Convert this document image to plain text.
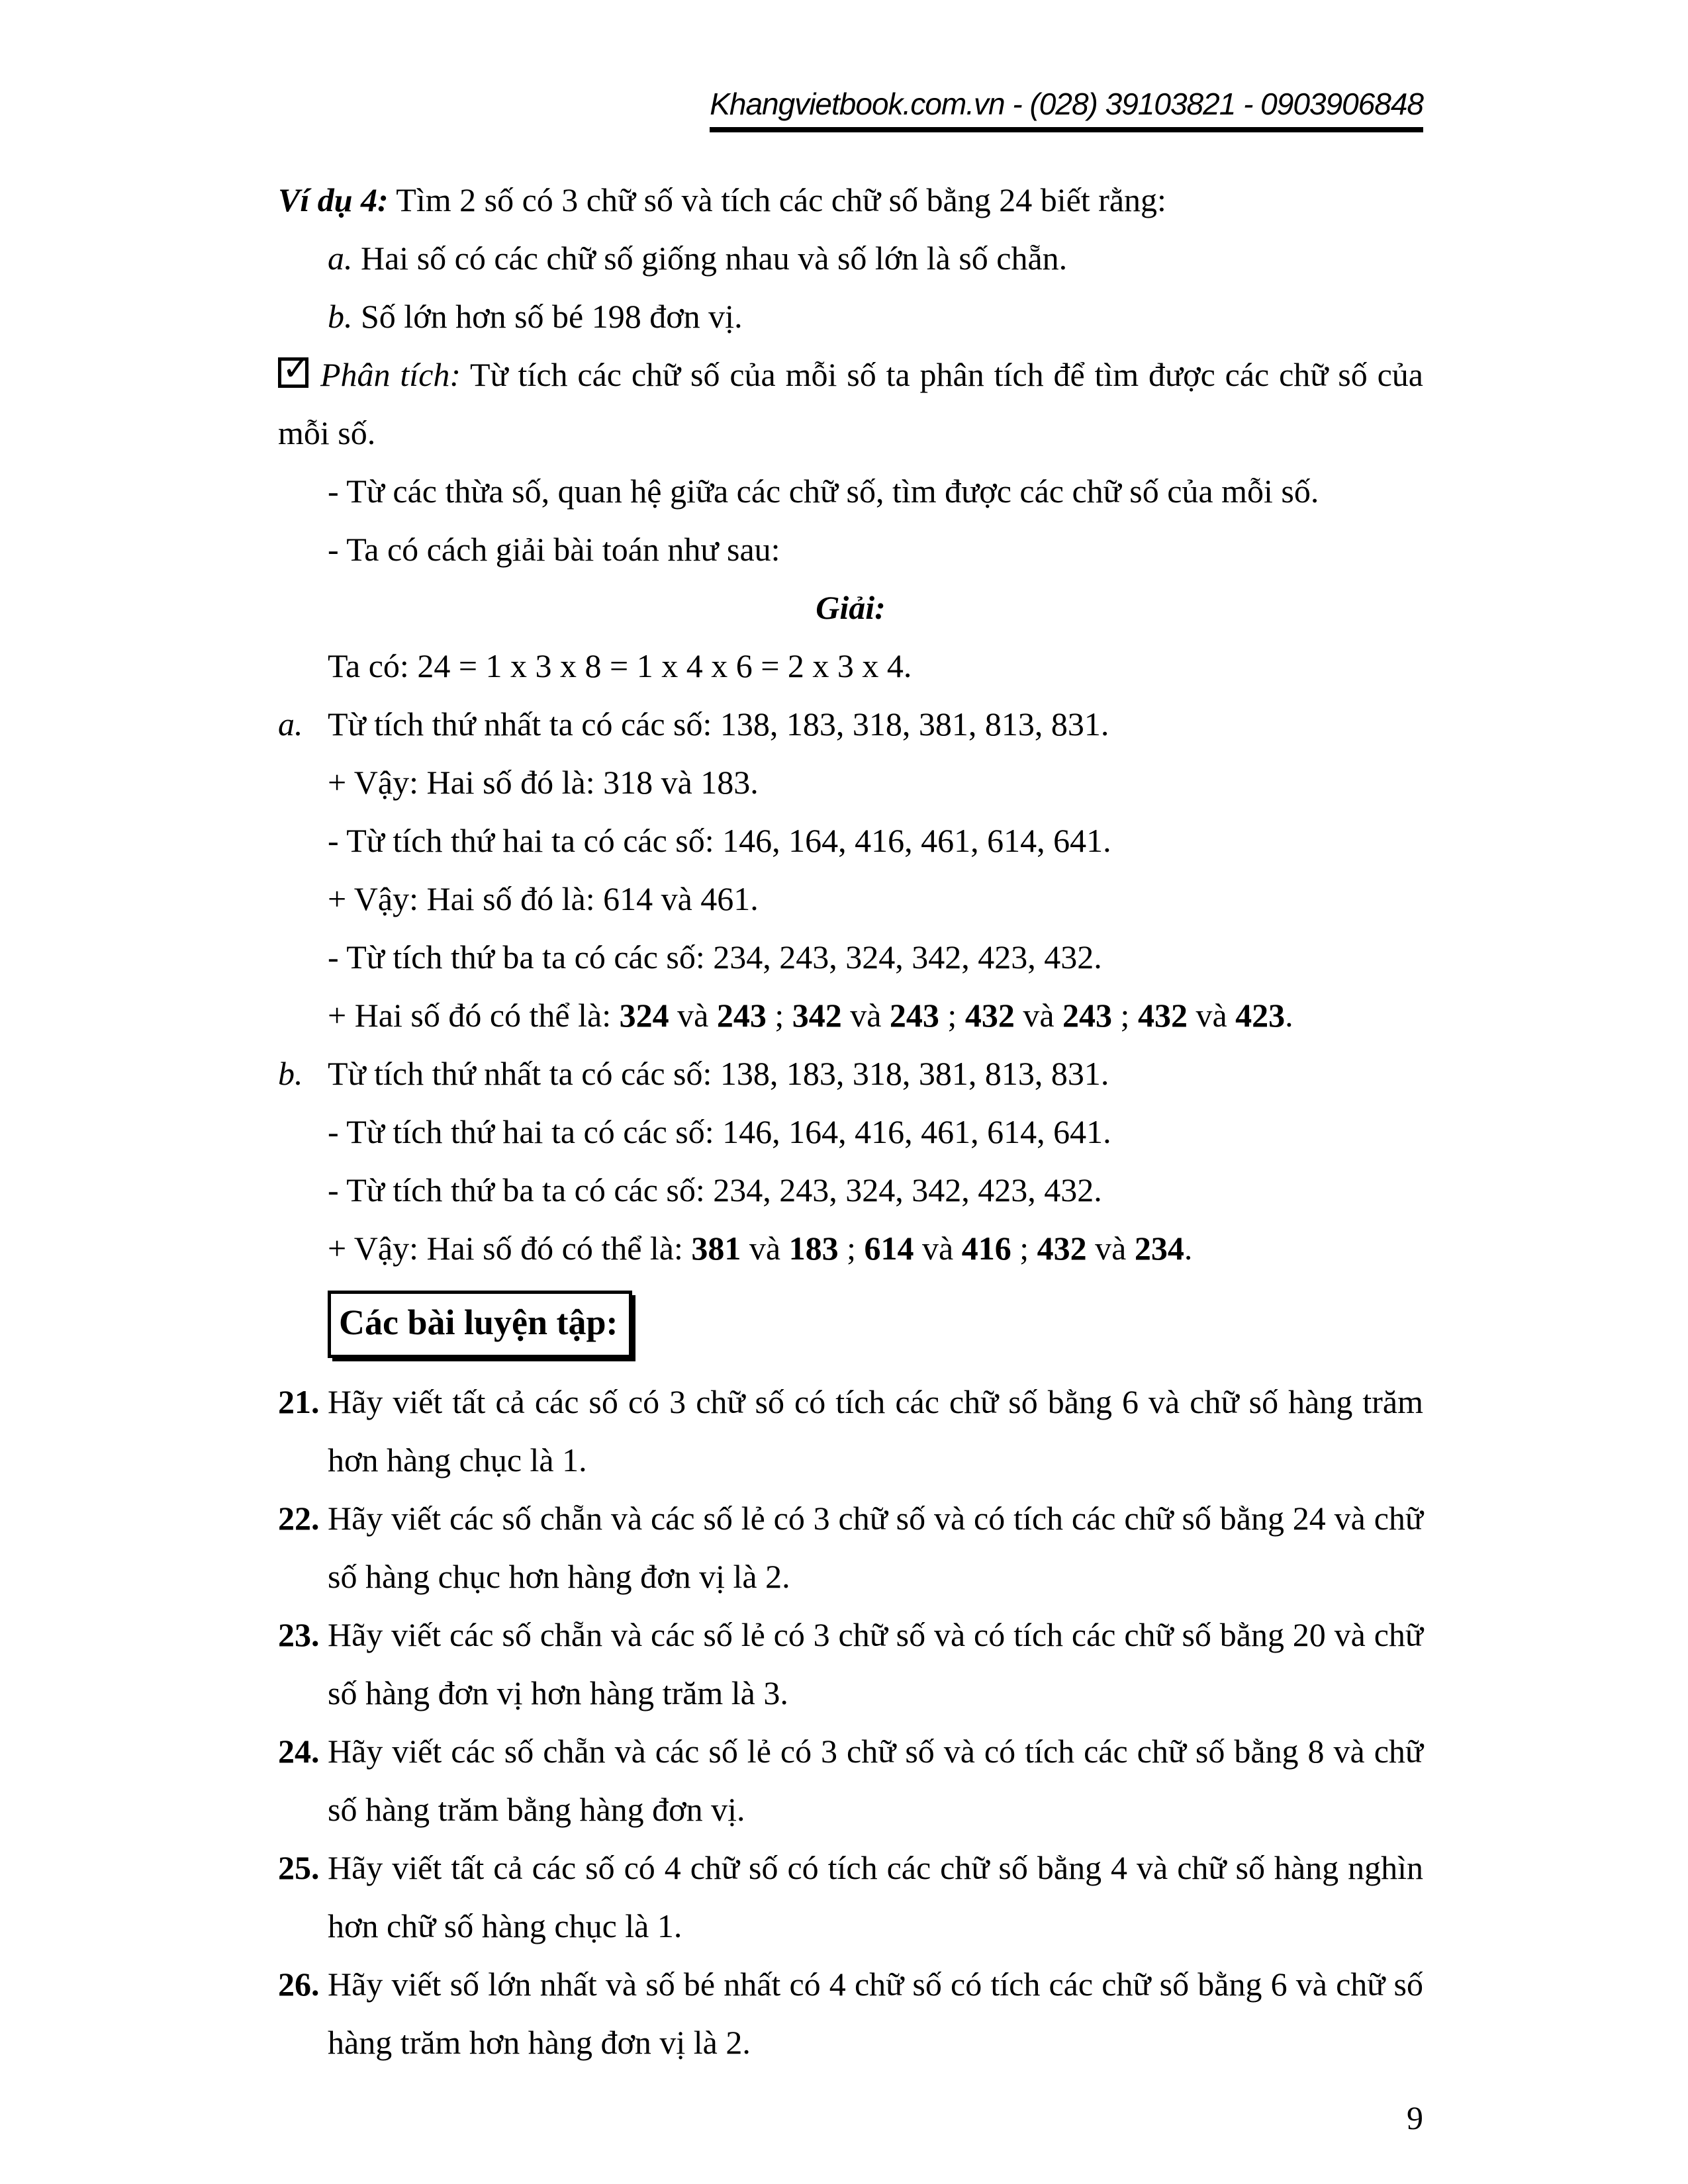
Khangvietbook.com.vn - (028) 39103821 - 0903906848

Ví dụ 4: Tìm 2 số có 3 chữ số và tích các chữ số bằng 24 biết rằng:

a. Hai số có các chữ số giống nhau và số lớn là số chẵn.

b. Số lớn hơn số bé 198 đơn vị.

✓ Phân tích: Từ tích các chữ số của mỗi số ta phân tích để tìm được các chữ số của mỗi số.

- Từ các thừa số, quan hệ giữa các chữ số, tìm được các chữ số của mỗi số.

- Ta có cách giải bài toán như sau:

Giải:

Ta có: 24 = 1 x 3 x 8 = 1 x 4 x 6 = 2 x 3 x 4.

a. Từ tích thứ nhất ta có các số: 138, 183, 318, 381, 813, 831.

+ Vậy: Hai số đó là: 318 và 183.

- Từ tích thứ hai ta có các số: 146, 164, 416, 461, 614, 641.

+ Vậy: Hai số đó là: 614 và 461.

- Từ tích thứ ba ta có các số: 234, 243, 324, 342, 423, 432.

+ Hai số đó có thể là: 324 và 243 ; 342 và 243 ; 432 và 243 ; 432 và 423.

b. Từ tích thứ nhất ta có các số: 138, 183, 318, 381, 813, 831.

- Từ tích thứ hai ta có các số: 146, 164, 416, 461, 614, 641.

- Từ tích thứ ba ta có các số: 234, 243, 324, 342, 423, 432.

+ Vậy: Hai số đó có thể là: 381 và 183 ; 614 và 416 ; 432 và 234.

Các bài luyện tập:

21. Hãy viết tất cả các số có 3 chữ số có tích các chữ số bằng 6 và chữ số hàng trăm hơn hàng chục là 1.

22. Hãy viết các số chẵn và các số lẻ có 3 chữ số và có tích các chữ số bằng 24 và chữ số hàng chục hơn hàng đơn vị là 2.

23. Hãy viết các số chẵn và các số lẻ có 3 chữ số và có tích các chữ số bằng 20 và chữ số hàng đơn vị hơn hàng trăm là 3.

24. Hãy viết các số chẵn và các số lẻ có 3 chữ số và có tích các chữ số bằng 8 và chữ số hàng trăm bằng hàng đơn vị.

25. Hãy viết tất cả các số có 4 chữ số có tích các chữ số bằng 4 và chữ số hàng nghìn hơn chữ số hàng chục là 1.

26. Hãy viết số lớn nhất và số bé nhất có 4 chữ số có tích các chữ số bằng 6 và chữ số hàng trăm hơn hàng đơn vị là 2.

9
